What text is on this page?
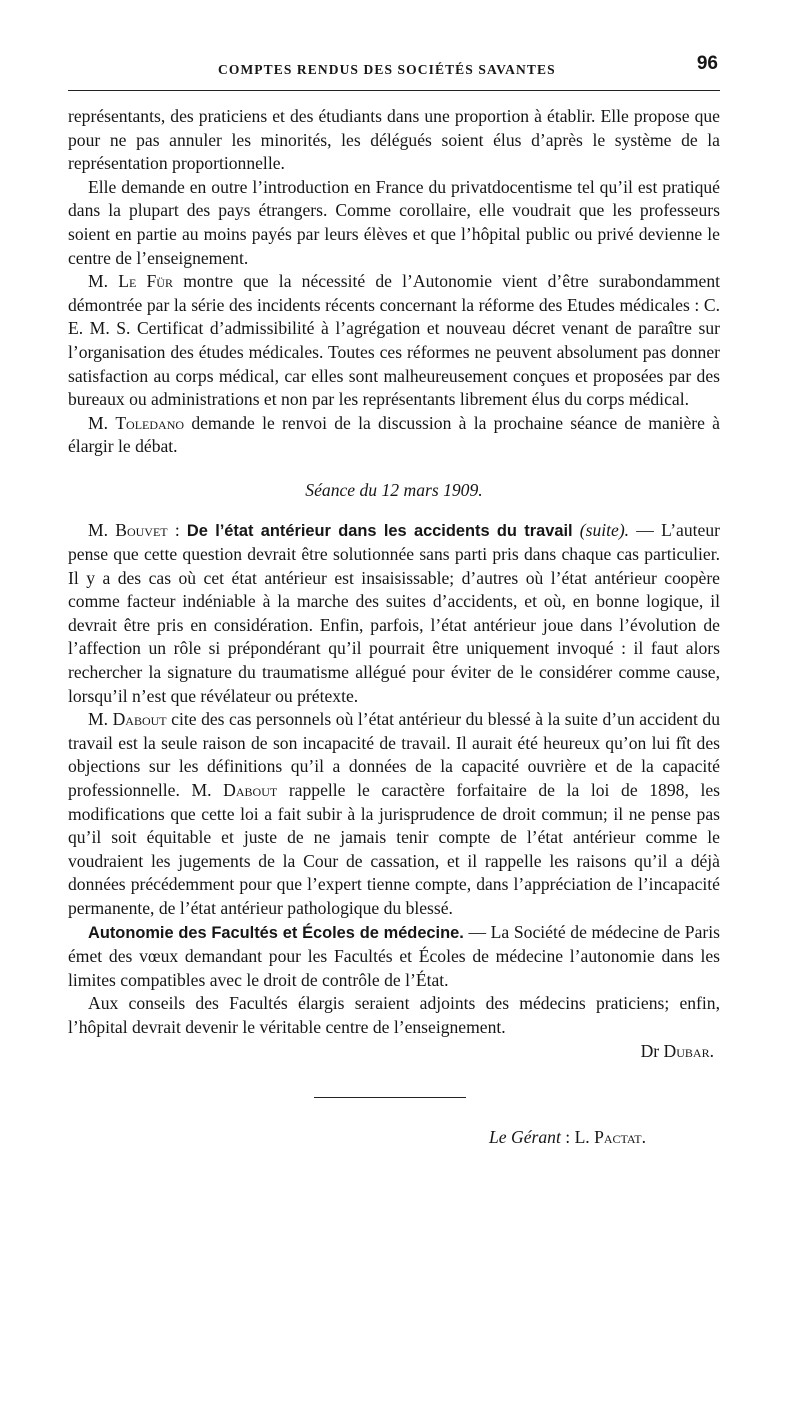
COMPTES RENDUS DES SOCIÉTÉS SAVANTES	96

représentants, des praticiens et des étudiants dans une proportion à établir. Elle propose que pour ne pas annuler les minorités, les délégués soient élus d’après le système de la représentation proportionnelle.

Elle demande en outre l’introduction en France du privatdocentisme tel qu’il est pratiqué dans la plupart des pays étrangers. Comme corollaire, elle voudrait que les professeurs soient en partie au moins payés par leurs élèves et que l’hôpital public ou privé devienne le centre de l’enseignement.

M. Le Für montre que la nécessité de l’Autonomie vient d’être surabondamment démontrée par la série des incidents récents concernant la réforme des Etudes médicales : C. E. M. S. Certificat d’admissibilité à l’agrégation et nouveau décret venant de paraître sur l’organisation des études médicales. Toutes ces réformes ne peuvent absolument pas donner satisfaction au corps médical, car elles sont malheureusement conçues et proposées par des bureaux ou administrations et non par les représentants librement élus du corps médical.

M. Toledano demande le renvoi de la discussion à la prochaine séance de manière à élargir le débat.

Séance du 12 mars 1909.

M. Bouvet : De l’état antérieur dans les accidents du travail (suite). — L’auteur pense que cette question devrait être solutionnée sans parti pris dans chaque cas particulier. Il y a des cas où cet état antérieur est insaisissable; d’autres où l’état antérieur coopère comme facteur indéniable à la marche des suites d’accidents, et où, en bonne logique, il devrait être pris en considération. Enfin, parfois, l’état antérieur joue dans l’évolution de l’affection un rôle si prépondérant qu’il pourrait être uniquement invoqué : il faut alors rechercher la signature du traumatisme allégué pour éviter de le considérer comme cause, lorsqu’il n’est que révélateur ou prétexte.

M. Dabout cite des cas personnels où l’état antérieur du blessé à la suite d’un accident du travail est la seule raison de son incapacité de travail. Il aurait été heureux qu’on lui fît des objections sur les définitions qu’il a données de la capacité ouvrière et de la capacité professionnelle. M. Dabout rappelle le caractère forfaitaire de la loi de 1898, les modifications que cette loi a fait subir à la jurisprudence de droit commun; il ne pense pas qu’il soit équitable et juste de ne jamais tenir compte de l’état antérieur comme le voudraient les jugements de la Cour de cassation, et il rappelle les raisons qu’il a déjà données précédemment pour que l’expert tienne compte, dans l’appréciation de l’incapacité permanente, de l’état antérieur pathologique du blessé.

Autonomie des Facultés et Écoles de médecine. — La Société de médecine de Paris émet des vœux demandant pour les Facultés et Écoles de médecine l’autonomie dans les limites compatibles avec le droit de contrôle de l’État.

Aux conseils des Facultés élargis seraient adjoints des médecins praticiens; enfin, l’hôpital devrait devenir le véritable centre de l’enseignement.

Dr Dubar.
Le Gérant : L. Pactat.
